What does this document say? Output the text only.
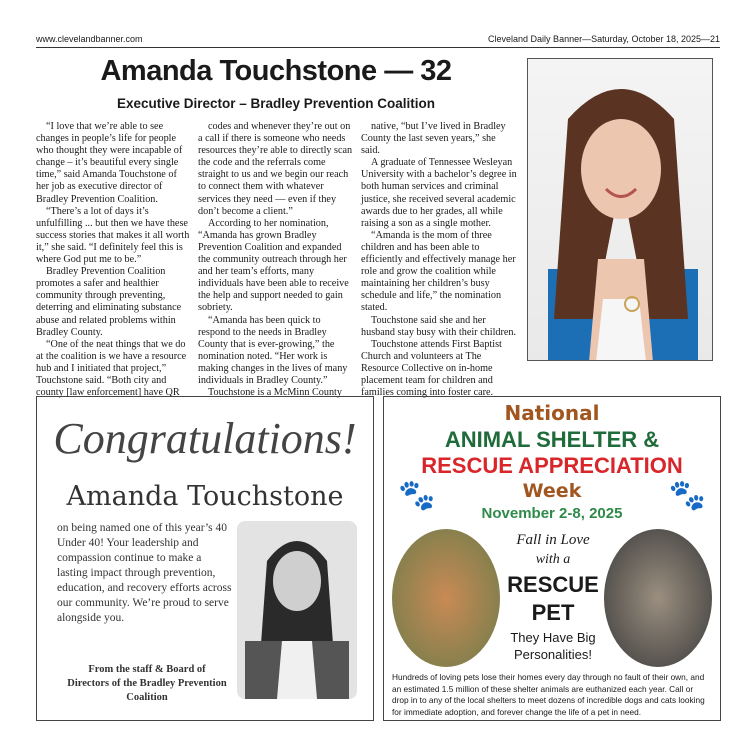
www.clevelandbanner.com	Cleveland Daily Banner—Saturday, October 18, 2025—21
Amanda Touchstone — 32
Executive Director – Bradley Prevention Coalition

“I love that we’re able to see changes in people’s life for people who thought they were incapable of change – it’s beautiful every single time,” said Amanda Touchstone of her job as executive director of Bradley Prevention Coalition.

“There’s a lot of days it’s unfulfilling ... but then we have these success stories that makes it all worth it,” she said. “I definitely feel this is where God put me to be.”

Bradley Prevention Coalition promotes a safer and healthier community through preventing, deterring and eliminating substance abuse and related problems within Bradley County.

“One of the neat things that we do at the coalition is we have a resource hub and I initiated that project,” Touchstone said. “Both city and county [law enforcement] have QR

codes and whenever they’re out on a call if there is someone who needs resources they’re able to directly scan the code and the referrals come straight to us and we begin our reach to connect them with whatever services they need — even if they don’t become a client.”

According to her nomination, “Amanda has grown Bradley Prevention Coalition and expanded the community outreach through her and her team’s efforts, many individuals have been able to receive the help and support needed to gain sobriety.

“Amanda has been quick to respond to the needs in Bradley County that is ever-growing,” the nomination noted. “Her work is making changes in the lives of many individuals in Bradley County.”

Touchstone is a McMinn County

native, “but I’ve lived in Bradley County the last seven years,” she said.

A graduate of Tennessee Wesleyan University with a bachelor’s degree in both human services and criminal justice, she received several academic awards due to her grades, all while raising a son as a single mother.

“Amanda is the mom of three children and has been able to efficiently and effectively manage her role and grow the coalition while maintaining her children’s busy schedule and life,” the nomination stated.

Touchstone said she and her husband stay busy with their children.

Touchstone attends First Baptist Church and volunteers at The Resource Collective on in-home placement team for children and families coming into foster care.

Congratulations!
Amanda Touchstone
on being named one of this year’s 40 Under 40! Your leadership and compassion continue to make a lasting impact through prevention, education, and recovery efforts across our community. We’re proud to serve alongside you.
From the staff & Board of Directors of the Bradley Prevention Coalition
National
ANIMAL SHELTER &
RESCUE APPRECIATION
Week
November 2-8, 2025
🐾	🐾
Fall in Love
with a
RESCUE
PET
They Have Big Personalities!
Hundreds of loving pets lose their homes every day through no fault of their own, and an estimated 1.5 million of these shelter animals are euthanized each year. Call or drop in to any of the local shelters to meet dozens of incredible dogs and cats looking for immediate adoption, and forever change the life of a pet in need.
